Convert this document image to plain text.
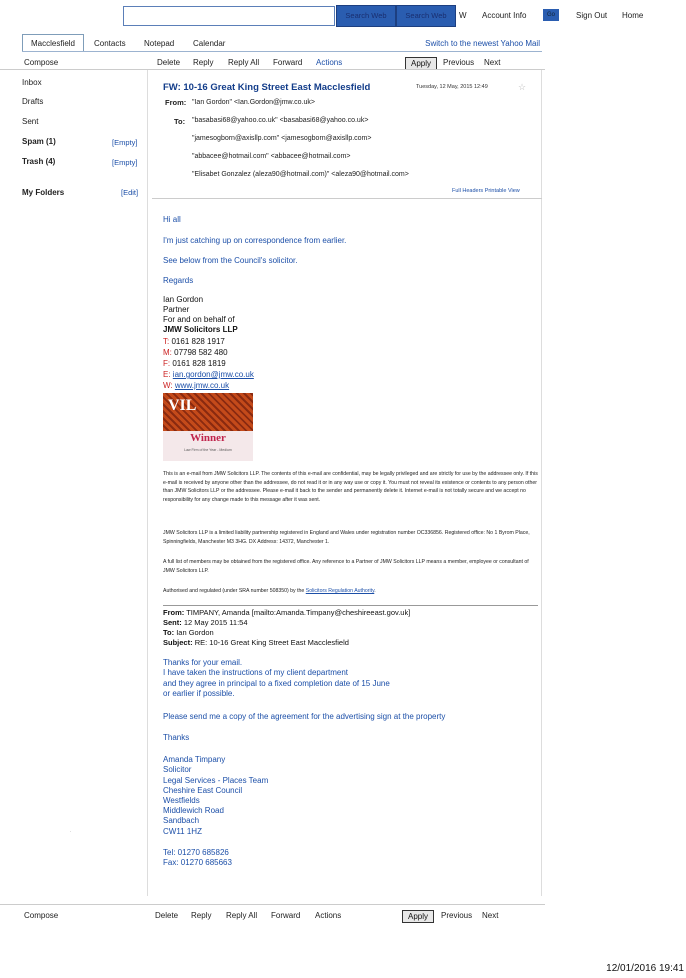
Search Web	Search Web	W Account Info	Go	Sign Out Home
Macclesfield	Contacts Notepad Calendar	Switch to the newest Yahoo Mail
Compose	Delete Reply Reply All Forward Actions	Apply	Previous Next
Inbox
Drafts
Sent
Spam (1)	[Empty]
Trash (4)	[Empty]
My Folders	[Edit]
FW: 10-16 Great King Street East Macclesfield	Tuesday, 12 May, 2015 12:49	☆
From: "Ian Gordon" <Ian.Gordon@jmw.co.uk>
To: "basabasi68@yahoo.co.uk" <basabasi68@yahoo.co.uk>
"jamesogborn@axisllp.com" <jamesogborn@axisllp.com>
"abbacee@hotmail.com" <abbacee@hotmail.com>
"Elisabet Gonzalez (aleza90@hotmail.com)" <aleza90@hotmail.com>
Full Headers Printable View
Hi all
I'm just catching up on correspondence from earlier.
See below from the Council's solicitor.
Regards
Ian Gordon
Partner
For and on behalf of
JMW Solicitors LLP
T: 0161 828 1917
M: 07798 582 480
F: 0161 828 1819
E: ian.gordon@jmw.co.uk
W: www.jmw.co.uk
VIL
Winner
Law Firm of the Year - Medium
This is an e-mail from JMW Solicitors LLP. The contents of this e-mail are confidential, may be legally privileged and are strictly for use by the addressee only. If this e-mail is received by anyone other than the addressee, do not read it or in any way use or copy it. You must not reveal its existence or contents to any person other than JMW Solicitors LLP or the addressee. Please e-mail it back to the sender and permanently delete it. Internet e-mail is not totally secure and we accept no responsibility for any change made to this message after it was sent.
JMW Solicitors LLP is a limited liability partnership registered in England and Wales under registration number OC336856. Registered office: No 1 Byrom Place, Spinningfields, Manchester M3 3HG. DX Address: 14372, Manchester 1.
A full list of members may be obtained from the registered office. Any reference to a Partner of JMW Solicitors LLP means a member, employee or consultant of JMW Solicitors LLP.
Authorised and regulated (under SRA number 508350) by the Solicitors Regulation Authority.
From: TIMPANY, Amanda [mailto:Amanda.Timpany@cheshireeast.gov.uk]
Sent: 12 May 2015 11:54
To: Ian Gordon
Subject: RE: 10-16 Great King Street East Macclesfield
Thanks for your email.
I have taken the instructions of my client department
and they agree in principal to a fixed completion date of 15 June
or earlier if possible.
Please send me a copy of the agreement for the advertising sign at the property
Thanks
Amanda Timpany
Solicitor
Legal Services - Places Team
Cheshire East Council
Westfields
Middlewich Road
Sandbach
CW11 1HZ
Tel: 01270 685826
Fax: 01270 685663
.
Compose	Delete Reply Reply All Forward Actions	Apply	Previous Next
12/01/2016 19:41
